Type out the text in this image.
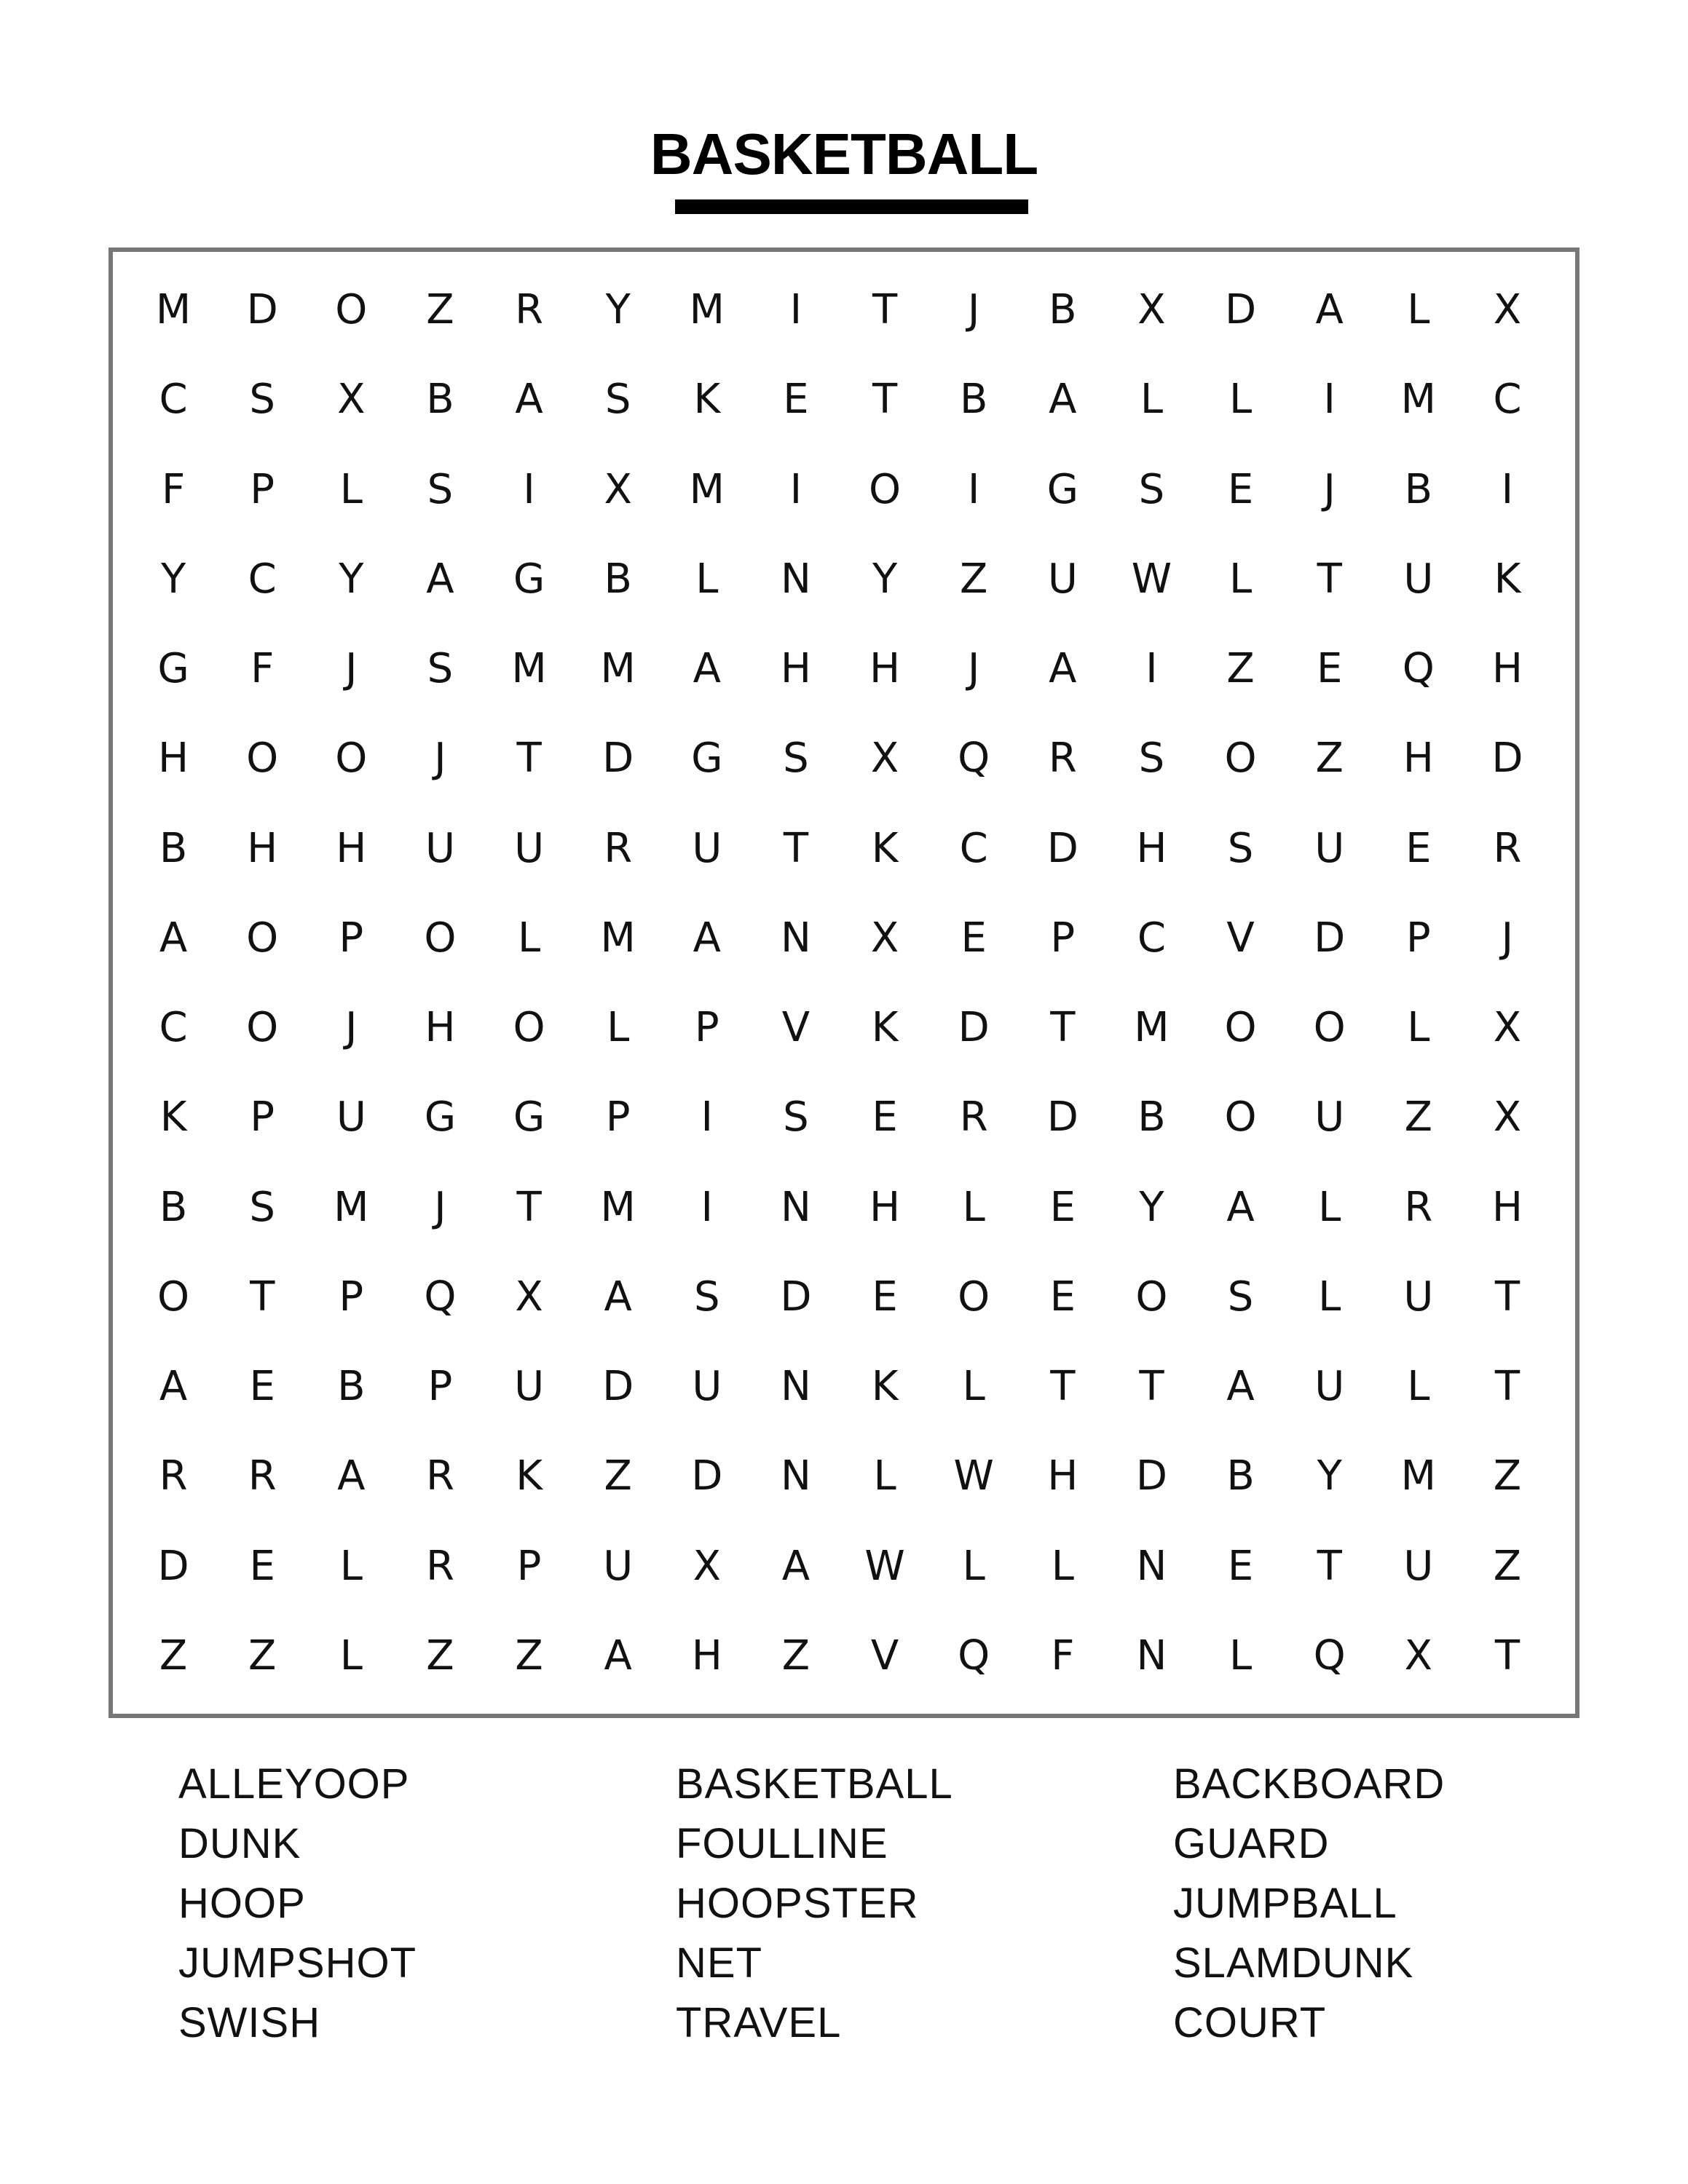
BASKETBALL
M	D	O	Z	R	Y	M	I	T	J	B	X	D	A	L	X
C	S	X	B	A	S	K	E	T	B	A	L	L	I	M	C
F	P	L	S	I	X	M	I	O	I	G	S	E	J	B	I
Y	C	Y	A	G	B	L	N	Y	Z	U	W	L	T	U	K
G	F	J	S	M	M	A	H	H	J	A	I	Z	E	Q	H
H	O	O	J	T	D	G	S	X	Q	R	S	O	Z	H	D
B	H	H	U	U	R	U	T	K	C	D	H	S	U	E	R
A	O	P	O	L	M	A	N	X	E	P	C	V	D	P	J
C	O	J	H	O	L	P	V	K	D	T	M	O	O	L	X
K	P	U	G	G	P	I	S	E	R	D	B	O	U	Z	X
B	S	M	J	T	M	I	N	H	L	E	Y	A	L	R	H
O	T	P	Q	X	A	S	D	E	O	E	O	S	L	U	T
A	E	B	P	U	D	U	N	K	L	T	T	A	U	L	T
R	R	A	R	K	Z	D	N	L	W	H	D	B	Y	M	Z
D	E	L	R	P	U	X	A	W	L	L	N	E	T	U	Z
Z	Z	L	Z	Z	A	H	Z	V	Q	F	N	L	Q	X	T
ALLEYOOP
DUNK
HOOP
JUMPSHOT
SWISH
BASKETBALL
FOULLINE
HOOPSTER
NET
TRAVEL
BACKBOARD
GUARD
JUMPBALL
SLAMDUNK
COURT
